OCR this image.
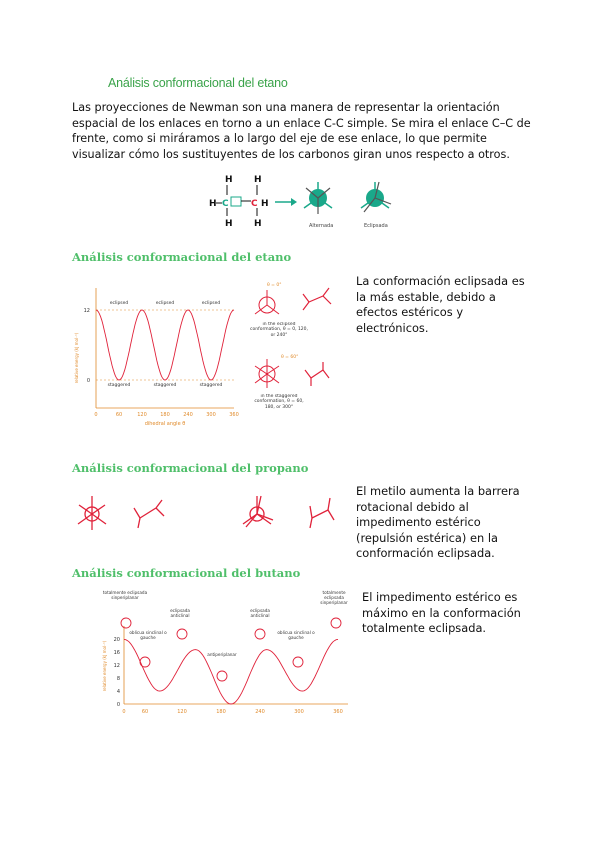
Análisis conformacional del etano
Las proyecciones de Newman son una manera de representar la orientación espacial de los enlaces en torno a un enlace C-C simple. Se mira el enlace C–C de frente, como si miráramos a lo largo del eje de ese enlace, lo que permite visualizar cómo los sustituyentes de los carbonos giran unos respecto a otros.
H H
H	H
H H
C C
Alternada	Eclipsada
Análisis conformacional del etano
relative energy (kJ mol⁻¹)
12
0
0	60	120	180	240	300	360
dihedral angle θ
eclipsed	eclipsed	eclipsed
staggered	staggered	staggered
θ = 0°
in the eclipsed conformation, θ = 0, 120, or 240°
θ = 60°
in the staggered conformation, θ = 60, 180, or 300°
La conformación eclipsada es la más estable, debido a efectos estéricos y electrónicos.
Análisis conformacional del propano
El metilo aumenta la barrera rotacional debido al impedimento estérico (repulsión estérica) en la conformación eclipsada.
Análisis conformacional del butano
relative energy (kJ mol⁻¹)
20
16
12
8
4
0
0	60	120	180	240	300	360
totalmente eclipsada sinperiplanar
oblicua sinclinal o gauche
eclipsada anticlinal
antiperiplanar
eclipsada anticlinal
oblicua sinclinal o gauche
totalmente eclipsada sinperiplanar	El impedimento estérico es máximo en la conformación totalmente eclipsada.
